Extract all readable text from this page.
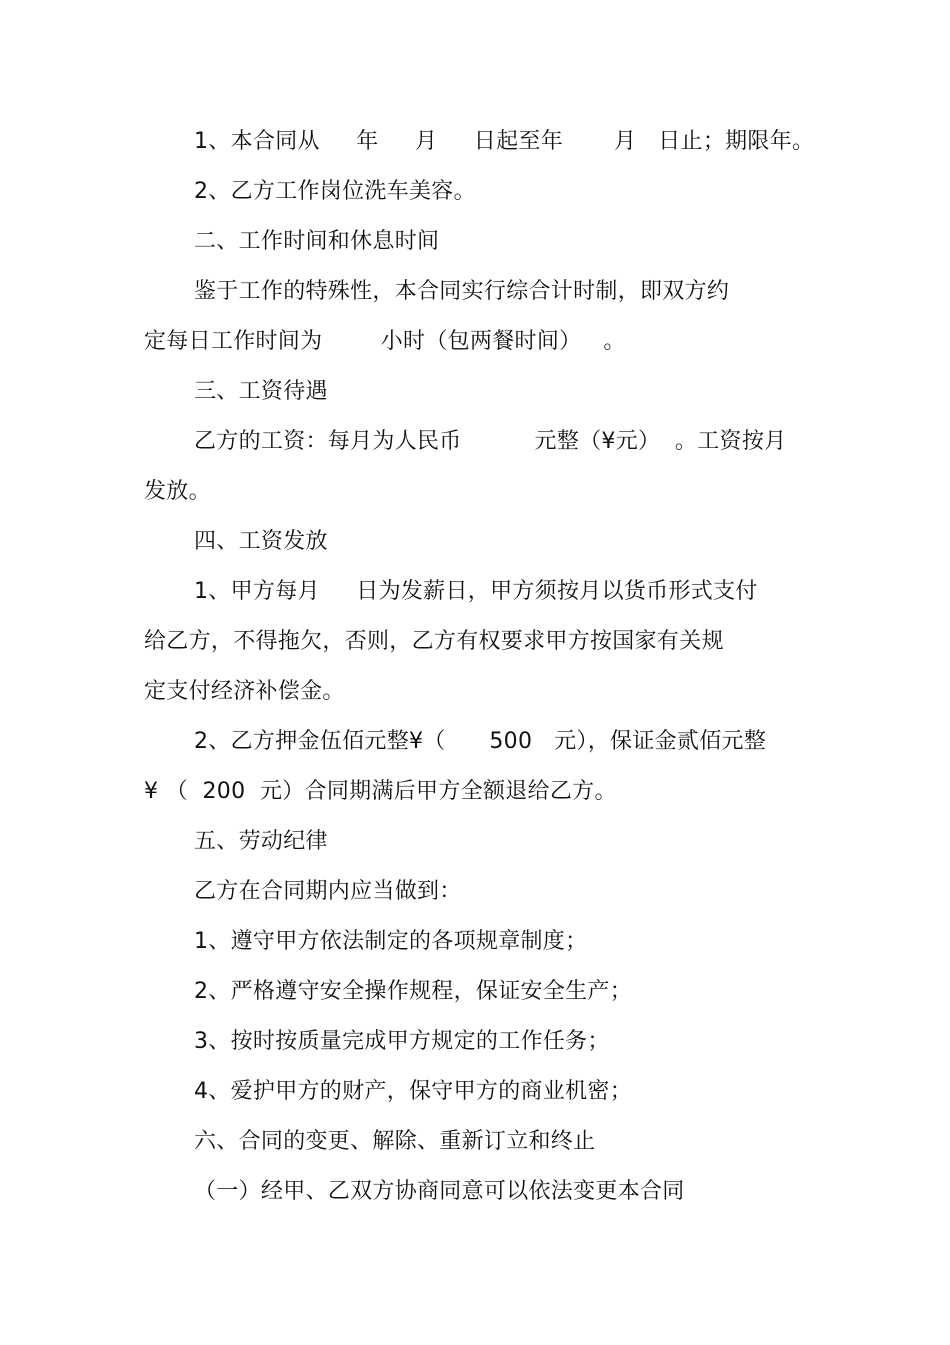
1、本合同从     年     月     日起至年       月   日止；期限年。
2、乙方工作岗位洗车美容。
二、工作时间和休息时间
鉴于工作的特殊性，本合同实行综合计时制，即双方约
定每日工作时间为        小时（包两餐时间）   。
三、工资待遇
乙方的工资：每月为人民币          元整（¥元）  。工资按月
发放。
四、工资发放
1、甲方每月     日为发薪日，甲方须按月以货币形式支付
给乙方，不得拖欠，否则，乙方有权要求甲方按国家有关规
定支付经济补偿金。
2、乙方押金伍佰元整¥（      500   元），保证金贰佰元整
¥ （  200  元）合同期满后甲方全额退给乙方。
五、劳动纪律
乙方在合同期内应当做到：
1、遵守甲方依法制定的各项规章制度；
2、严格遵守安全操作规程，保证安全生产；
3、按时按质量完成甲方规定的工作任务；
4、爱护甲方的财产，保守甲方的商业机密；
六、合同的变更、解除、重新订立和终止
（一）经甲、乙双方协商同意可以依法变更本合同
